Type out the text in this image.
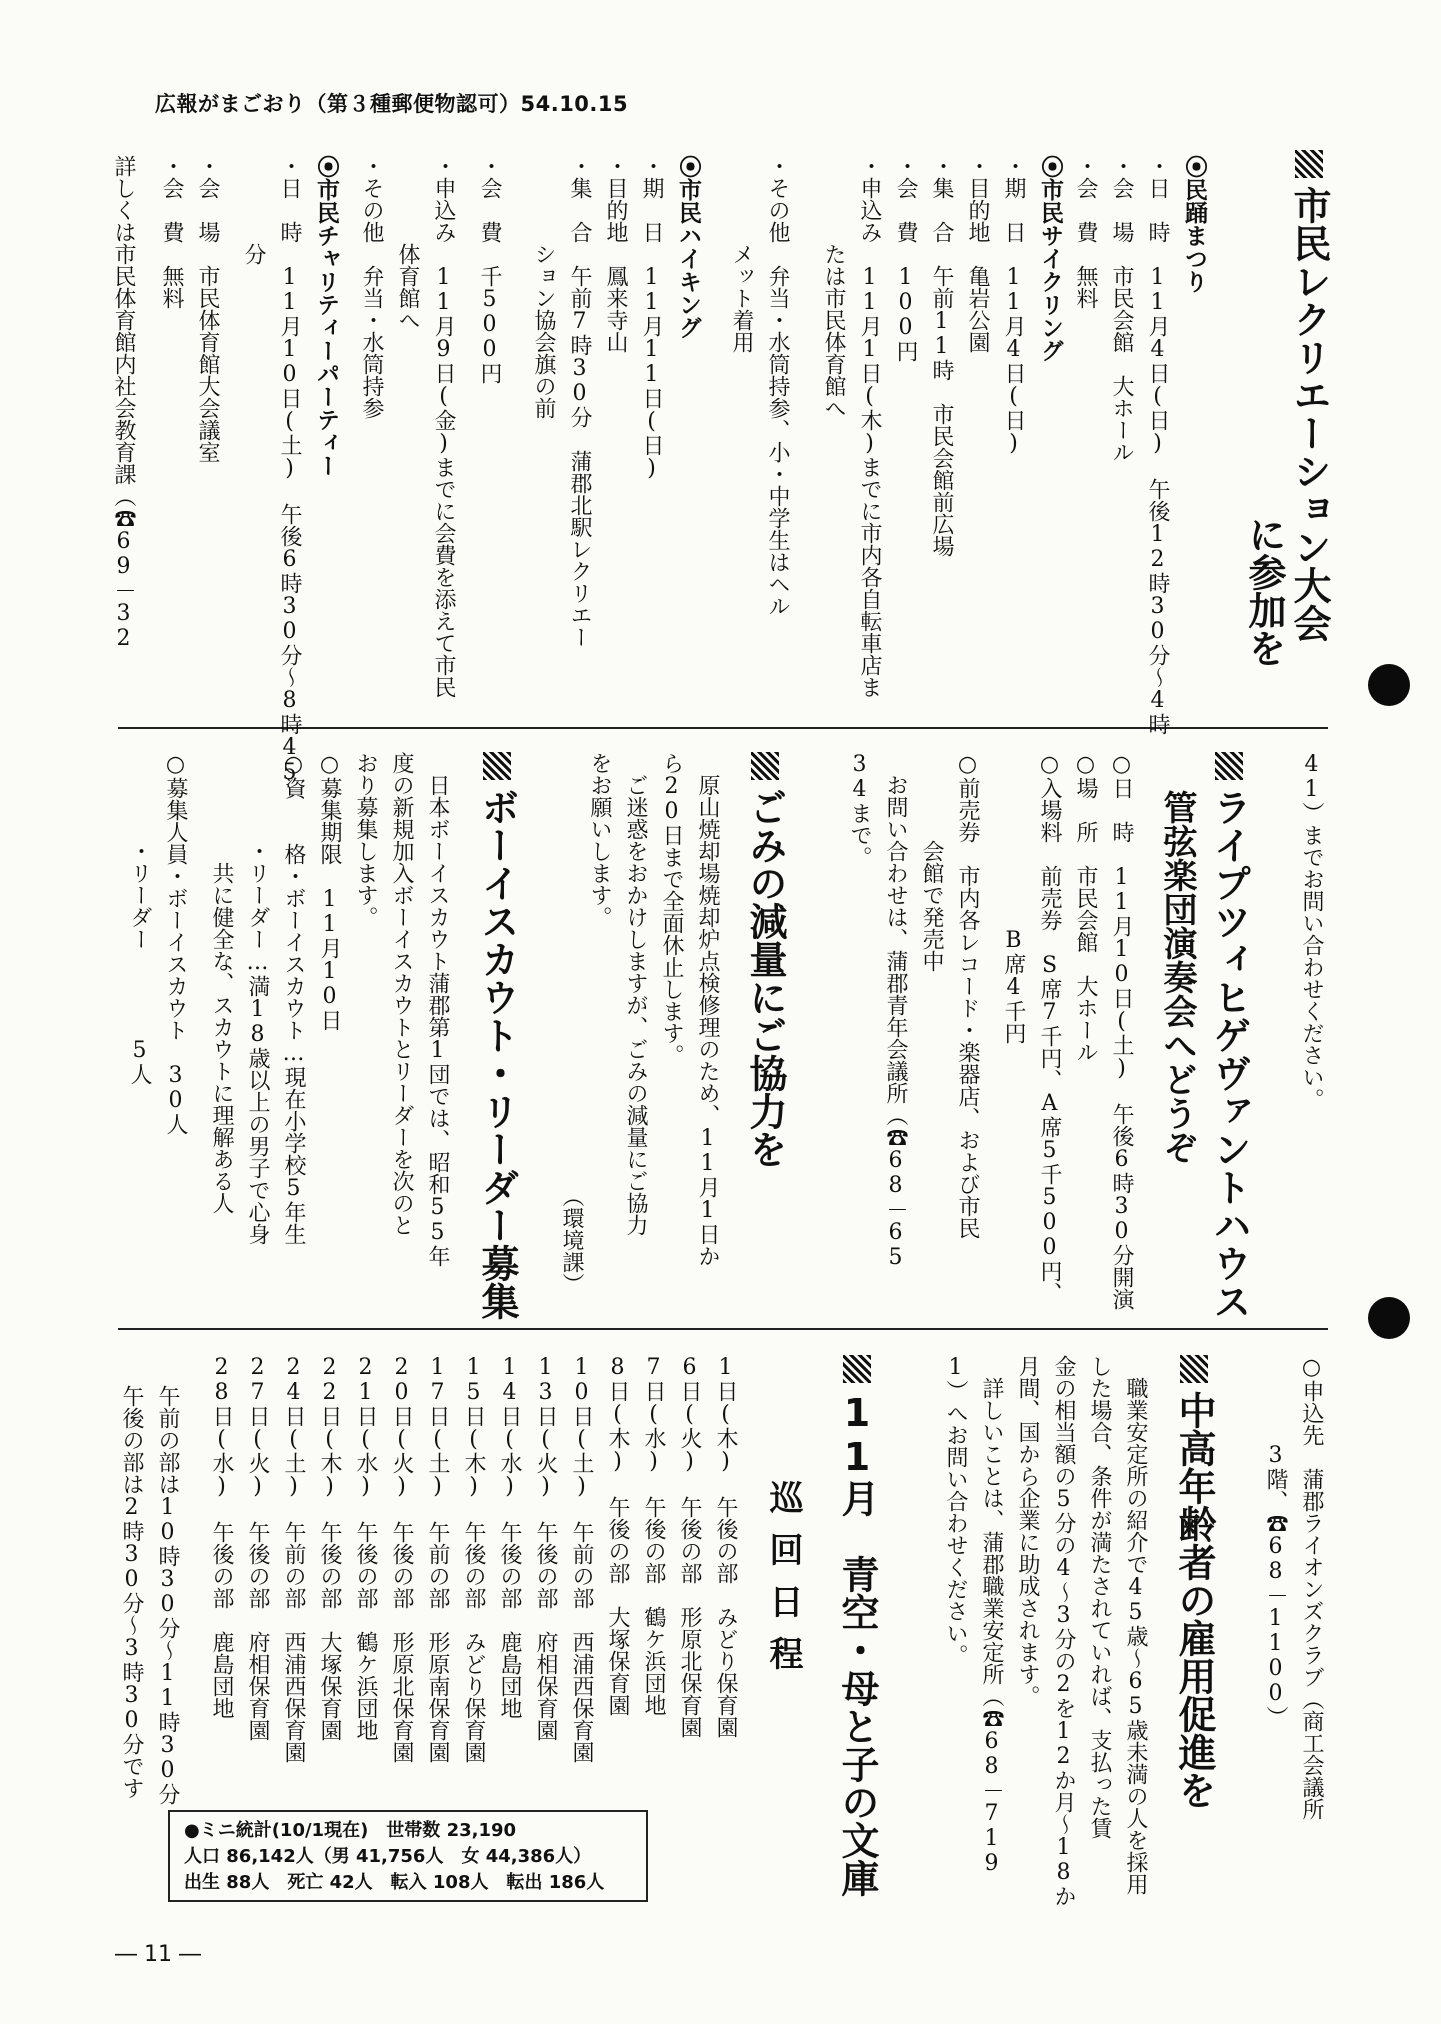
広報がまごおり（第３種郵便物認可）54.10.15
市民レクリエーション大会
に参加を
⦿民踊まつり
・日　時　11月4日(日)　午後12時30分～4時
・会　場　市民会館　大ホール
・会　費　無料
⦿市民サイクリング
・期　日　11月4日(日)
・目的地　亀岩公園
・集　合　午前11時　市民会館前広場
・会　費　100円
・申込み　11月1日(木)までに市内各自転車店ま
　　　　たは市民体育館へ
・その他　弁当・水筒持参、小・中学生はヘル
　　　　メット着用
⦿市民ハイキング
・期　日　11月11日(日)
・目的地　鳳来寺山
・集　合　午前7時30分　蒲郡北駅レクリエー
　　　　ション協会旗の前
・会　費　千500円
・申込み　11月9日(金)までに会費を添えて市民
　　　　体育館へ
・その他　弁当・水筒持参
⦿市民チャリティーパーティー
・日　時　11月10日(土)　午後6時30分～8時45
　　　　分
・会　場　市民体育館大会議室
・会　費　無料
詳しくは市民体育館内社会教育課（☎69－32
41）までお問い合わせください。
ライプツィヒゲヴァントハウス
管弦楽団演奏会へどうぞ
○日　時　11月10日(土)　午後6時30分開演
○場　所　市民会館　大ホール
○入場料　前売券　S席7千円、A席5千500円、
　　　　　　　　B席4千円
○前売券　市内各レコード・楽器店、および市民
　　　　会館で発売中
　お問い合わせは、蒲郡青年会議所（☎68－65
34まで。
ごみの減量にご協力を
　原山焼却場焼却炉点検修理のため、11月1日か
ら20日まで全面休止します。
　ご迷惑をおかけしますが、ごみの減量にご協力
をお願いします。
（環境課）
ボーイスカウト・リーダー募集
　日本ボーイスカウト蒲郡第1団では、昭和55年
度の新規加入ボーイスカウトとリーダーを次のと
おり募集します。
○募集期限　11月10日
○資　　格・ボーイスカウト…現在小学校5年生
　　　　・リーダー…満18歳以上の男子で心身
　　　　　共に健全な、スカウトに理解ある人
○募集人員・ボーイスカウト　30人
　　　　・リーダー　　　　5人
○申込先　蒲郡ライオンズクラブ（商工会議所
　　　　3階、☎68－1100）
中高年齢者の雇用促進を
　職業安定所の紹介で45歳～65歳未満の人を採用
した場合、条件が満たされていれば、支払った賃
金の相当額の5分の4～3分の2を12か月～18か
月間、国から企業に助成されます。
　詳しいことは、蒲郡職業安定所（☎68－719
1）へお問い合わせください。
11月　青空・母と子の文庫
巡回日程
1日(木)　午後の部　みどり保育園
6日(火)　午後の部　形原北保育園
7日(水)　午後の部　鶴ケ浜団地
8日(木)　午後の部　大塚保育園
10日(土)　午前の部　西浦西保育園
13日(火)　午後の部　府相保育園
14日(水)　午後の部　鹿島団地
15日(木)　午後の部　みどり保育園
17日(土)　午前の部　形原南保育園
20日(火)　午後の部　形原北保育園
21日(水)　午後の部　鶴ケ浜団地
22日(木)　午後の部　大塚保育園
24日(土)　午前の部　西浦西保育園
27日(火)　午後の部　府相保育園
28日(水)　午後の部　鹿島団地
午前の部は10時30分～11時30分
午後の部は2時30分～3時30分です
●ミニ統計(10/1現在)　世帯数 23,190
人口 86,142人（男 41,756人　女 44,386人）
出生 88人　死亡 42人　転入 108人　転出 186人
― 11 ―
